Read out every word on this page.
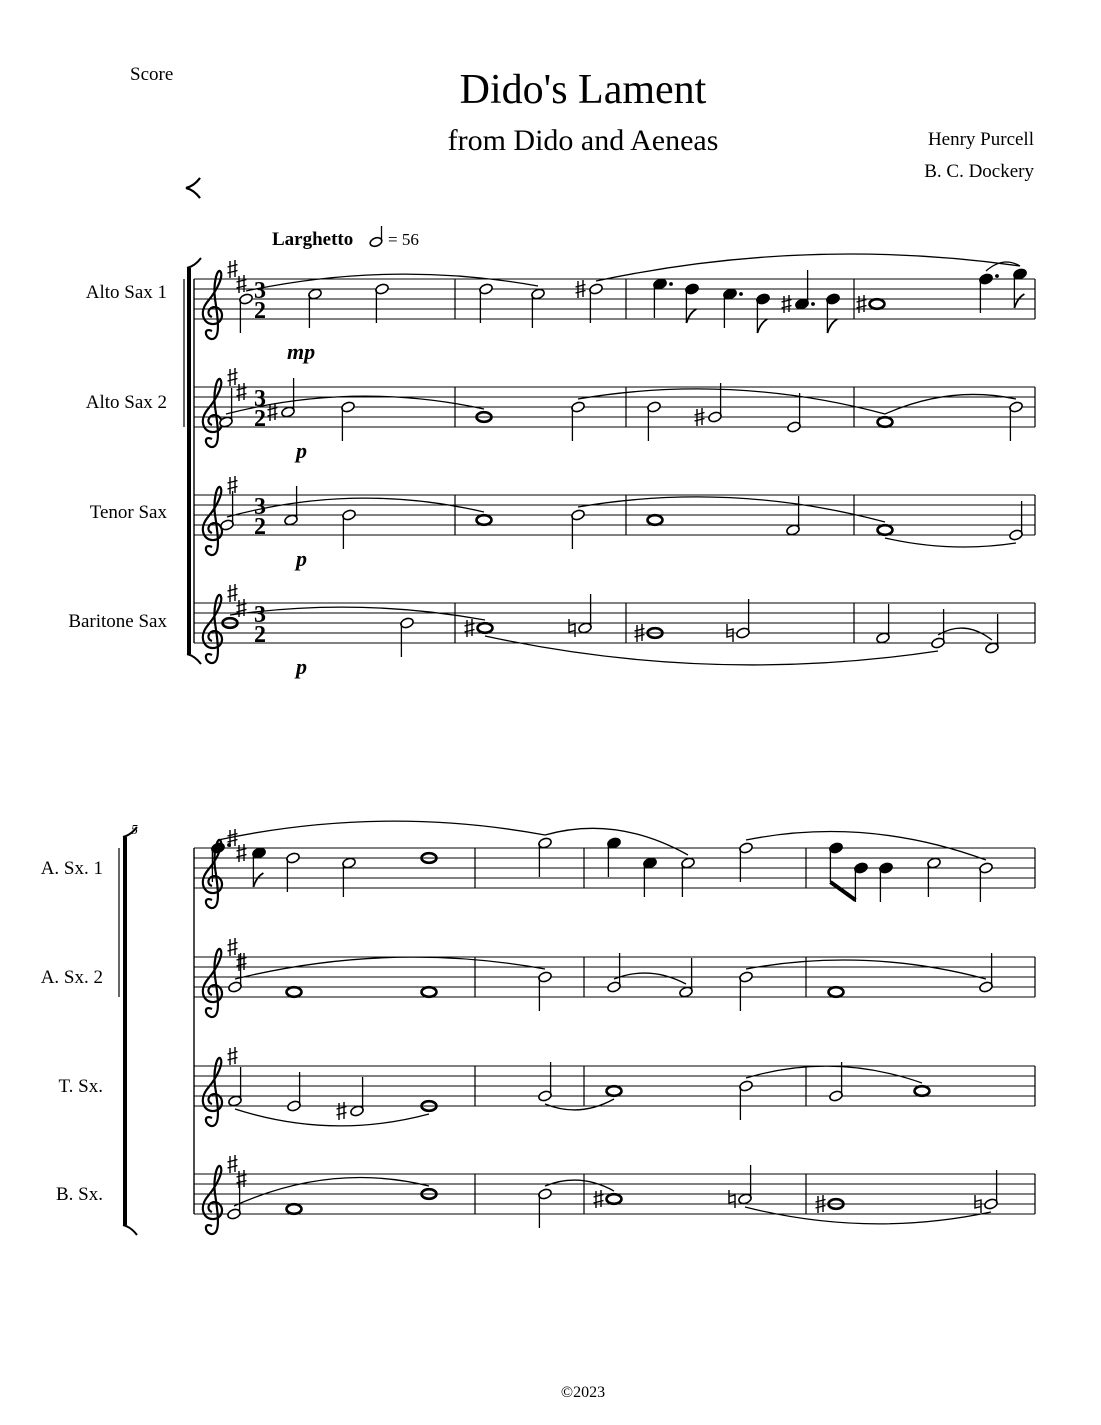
Score	Dido's Lament
from Dido and Aeneas	Henry Purcell
B. C. Dockery
©2023
Larghetto = 56
3
2
3
2
3
2
3
2
mp
p
p
p
Alto Sax 1
Alto Sax 2
Tenor Sax
Baritone Sax
5
A. Sx. 1
A. Sx. 2
T. Sx.
B. Sx.
